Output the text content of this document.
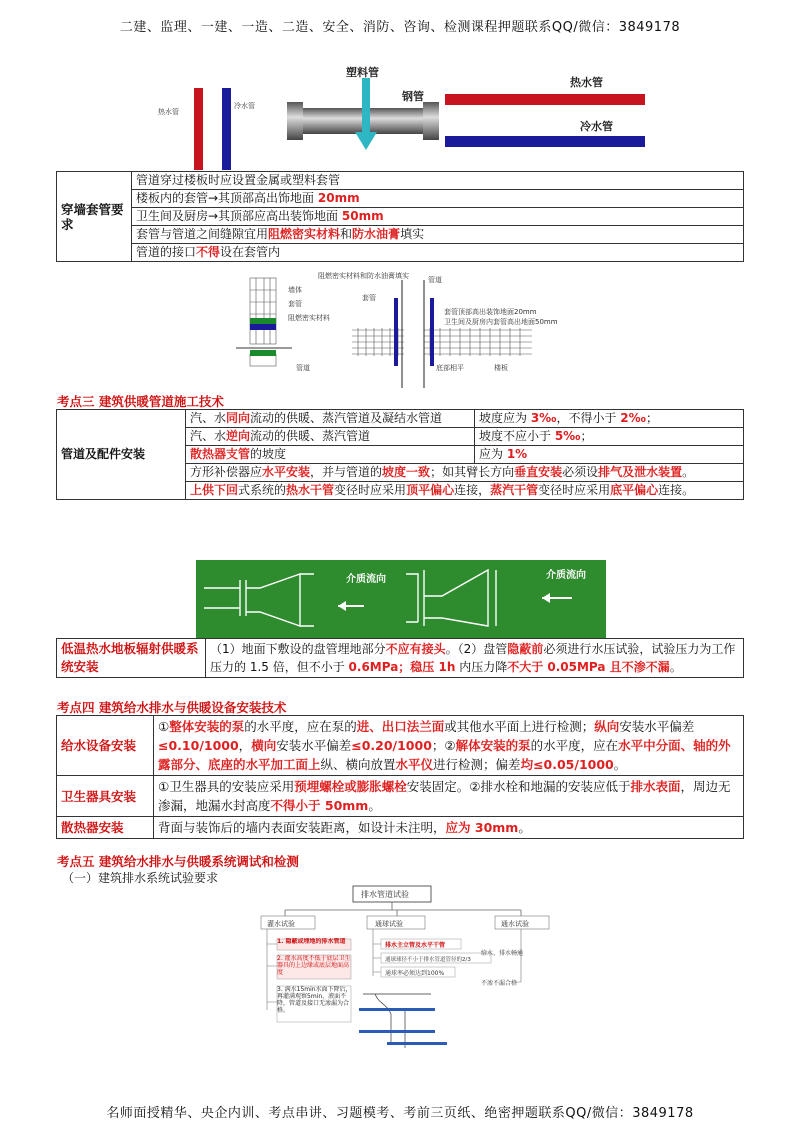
二建、监理、一建、一造、二造、安全、消防、咨询、检测课程押题联系QQ/微信：3849178
热水管
冷水管
塑料管
钢管
热水管
冷水管
穿墙套管要求	管道穿过楼板时应设置金属或塑料套管
楼板内的套管→其顶部高出饰地面 20mm
卫生间及厨房→其顶部应高出装饰地面 50mm
套管与管道之间缝隙宜用阻燃密实材料和防水油膏填实
管道的接口不得设在套管内
墙体
套管
阻燃密实材料
管道
阻燃密实材料和防水油膏填实
套管
管道
套管顶部高出装饰地面20mm
卫生间及厨房内套管高出地面50mm
底部相平	楼板
考点三 建筑供暖管道施工技术
管道及配件安装	汽、水同向流动的供暖、蒸汽管道及凝结水管道	坡度应为 3‰，不得小于 2‰；
	汽、水逆向流动的供暖、蒸汽管道	坡度不应小于 5‰；
	散热器支管的坡度	应为 1%
	方形补偿器应水平安装，并与管道的坡度一致；如其臂长方向垂直安装必须设排气及泄水装置。	
	上供下回式系统的热水干管变径时应采用顶平偏心连接，蒸汽干管变径时应采用底平偏心连接。	
介质流向	介质流向
低温热水地板辐射供暖系统安装	（1）地面下敷设的盘管埋地部分不应有接头。（2）盘管隐蔽前必须进行水压试验，试验压力为工作压力的 1.5 倍，但不小于 0.6MPa；稳压 1h 内压力降不大于 0.05MPa 且不渗不漏。
考点四 建筑给水排水与供暖设备安装技术
给水设备安装	①整体安装的泵的水平度，应在泵的进、出口法兰面或其他水平面上进行检测；纵向安装水平偏差≤0.10/1000，横向安装水平偏差≤0.20/1000；②解体安装的泵的水平度，应在水平中分面、轴的外露部分、底座的水平加工面上纵、横向放置水平仪进行检测；偏差均≤0.05/1000。
卫生器具安装	①卫生器具的安装应采用预埋螺栓或膨胀螺栓安装固定。②排水栓和地漏的安装应低于排水表面，周边无渗漏，地漏水封高度不得小于 50mm。
散热器安装	背面与装饰后的墙内表面安装距离，如设计未注明，应为 30mm。
考点五 建筑给水排水与供暖系统调试和检测
（一）建筑排水系统试验要求
排水管道试验
灌水试验	通球试验	通水试验
1. 隐蔽或埋地的排水管道
2. 灌水高度不低于底层卫生器具的上边缘或底层地面高度
3. 满水15min水面下降后，再灌满观察5min，液面不降，管道及接口无渗漏为合格。
排水主立管及水平干管
通球球径不小于排水管道管径的2/3
通球率必须达到100%
给水、排水畅通
不渗不漏合格
名师面授精华、央企内训、考点串讲、习题模考、考前三页纸、绝密押题联系QQ/微信：3849178
